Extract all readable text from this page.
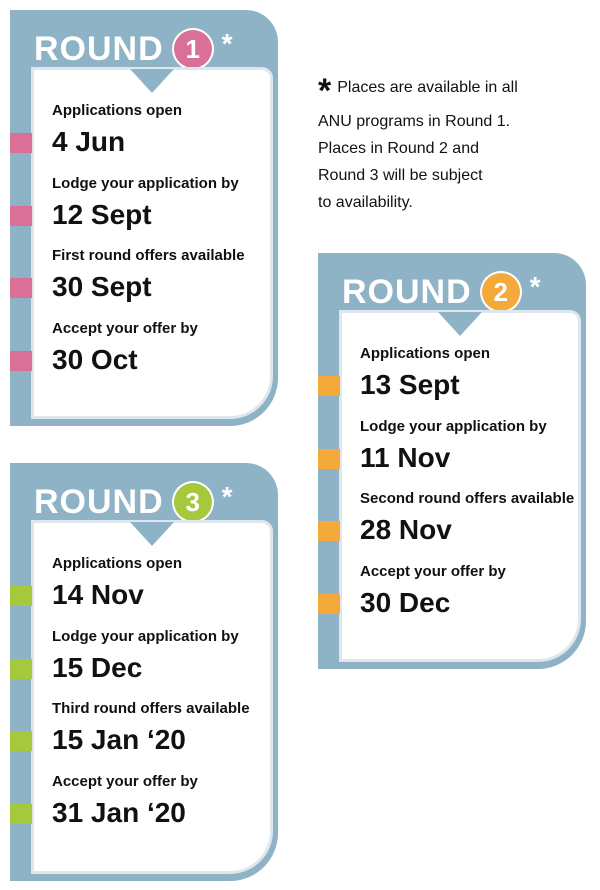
ROUND 1 *
Applications open
4 Jun
Lodge your application by
12 Sept
First round offers available
30 Sept
Accept your offer by
30 Oct
* Places are available in all
ANU programs in Round 1.
Places in Round 2 and
Round 3 will be subject
to availability.
ROUND 2 *
Applications open
13 Sept
Lodge your application by
11 Nov
Second round offers available
28 Nov
Accept your offer by
30 Dec
ROUND 3 *
Applications open
14 Nov
Lodge your application by
15 Dec
Third round offers available
15 Jan ‘20
Accept your offer by
31 Jan ‘20
